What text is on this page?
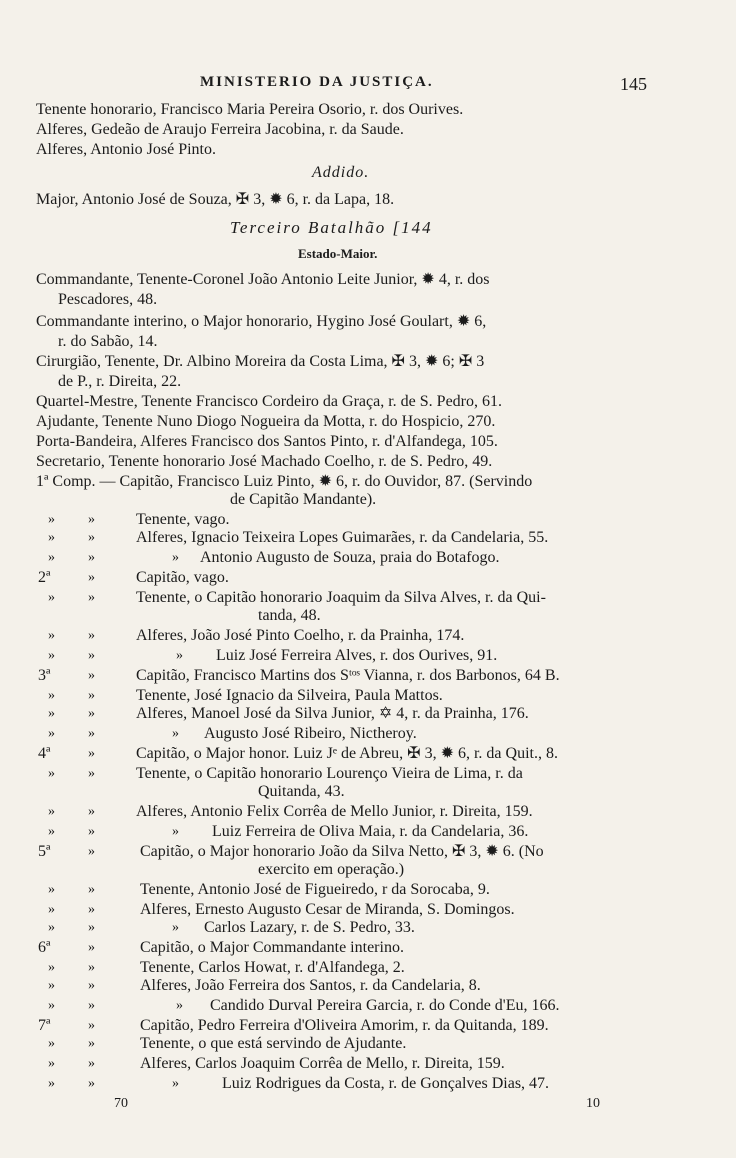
MINISTERIO DA JUSTIÇA.	145
Tenente honorario, Francisco Maria Pereira Osorio, r. dos Ourives.
Alferes, Gedeão de Araujo Ferreira Jacobina, r. da Saude.
Alferes, Antonio José Pinto.
Addido.
Major, Antonio José de Souza, ✠ 3, ✹ 6, r. da Lapa, 18.
Terceiro Batalhão [144
Estado-Maior.
Commandante, Tenente-Coronel João Antonio Leite Junior, ✹ 4, r. dos
Pescadores, 48.
Commandante interino, o Major honorario, Hygino José Goulart, ✹ 6,
r. do Sabão, 14.
Cirurgião, Tenente, Dr. Albino Moreira da Costa Lima, ✠ 3, ✹ 6; ✠ 3
de P., r. Direita, 22.
Quartel-Mestre, Tenente Francisco Cordeiro da Graça, r. de S. Pedro, 61.
Ajudante, Tenente Nuno Diogo Nogueira da Motta, r. do Hospicio, 270.
Porta-Bandeira, Alferes Francisco dos Santos Pinto, r. d'Alfandega, 105.
Secretario, Tenente honorario José Machado Coelho, r. de S. Pedro, 49.
1ª Comp. — Capitão, Francisco Luiz Pinto, ✹ 6, r. do Ouvidor, 87. (Servindo
de Capitão Mandante).
» »	Tenente, vago.
» »	Alferes, Ignacio Teixeira Lopes Guimarães, r. da Candelaria, 55.
» »	» Antonio Augusto de Souza, praia do Botafogo.
2ª	»	Capitão, vago.
» »	Tenente, o Capitão honorario Joaquim da Silva Alves, r. da Qui-
tanda, 48.
» »	Alferes, João José Pinto Coelho, r. da Prainha, 174.
» »	» Luiz José Ferreira Alves, r. dos Ourives, 91.
3ª	»	Capitão, Francisco Martins dos Sᵗᵒˢ Vianna, r. dos Barbonos, 64 B.
» »	Tenente, José Ignacio da Silveira, Paula Mattos.
» »	Alferes, Manoel José da Silva Junior, ✡ 4, r. da Prainha, 176.
» »	» Augusto José Ribeiro, Nictheroy.
4ª	»	Capitão, o Major honor. Luiz Jᵉ de Abreu, ✠ 3, ✹ 6, r. da Quit., 8.
» »	Tenente, o Capitão honorario Lourenço Vieira de Lima, r. da
Quitanda, 43.
» »	Alferes, Antonio Felix Corrêa de Mello Junior, r. Direita, 159.
» »	» Luiz Ferreira de Oliva Maia, r. da Candelaria, 36.
5ª	»	Capitão, o Major honorario João da Silva Netto, ✠ 3, ✹ 6. (No
exercito em operação.)
» »	Tenente, Antonio José de Figueiredo, r da Sorocaba, 9.
» »	Alferes, Ernesto Augusto Cesar de Miranda, S. Domingos.
» »	» Carlos Lazary, r. de S. Pedro, 33.
6ª	»	Capitão, o Major Commandante interino.
» »	Tenente, Carlos Howat, r. d'Alfandega, 2.
» »	Alferes, João Ferreira dos Santos, r. da Candelaria, 8.
» »	» Candido Durval Pereira Garcia, r. do Conde d'Eu, 166.
7ª	»	Capitão, Pedro Ferreira d'Oliveira Amorim, r. da Quitanda, 189.
» »	Tenente, o que está servindo de Ajudante.
» »	Alferes, Carlos Joaquim Corrêa de Mello, r. Direita, 159.
» »	»	Luiz Rodrigues da Costa, r. de Gonçalves Dias, 47.
70	10
